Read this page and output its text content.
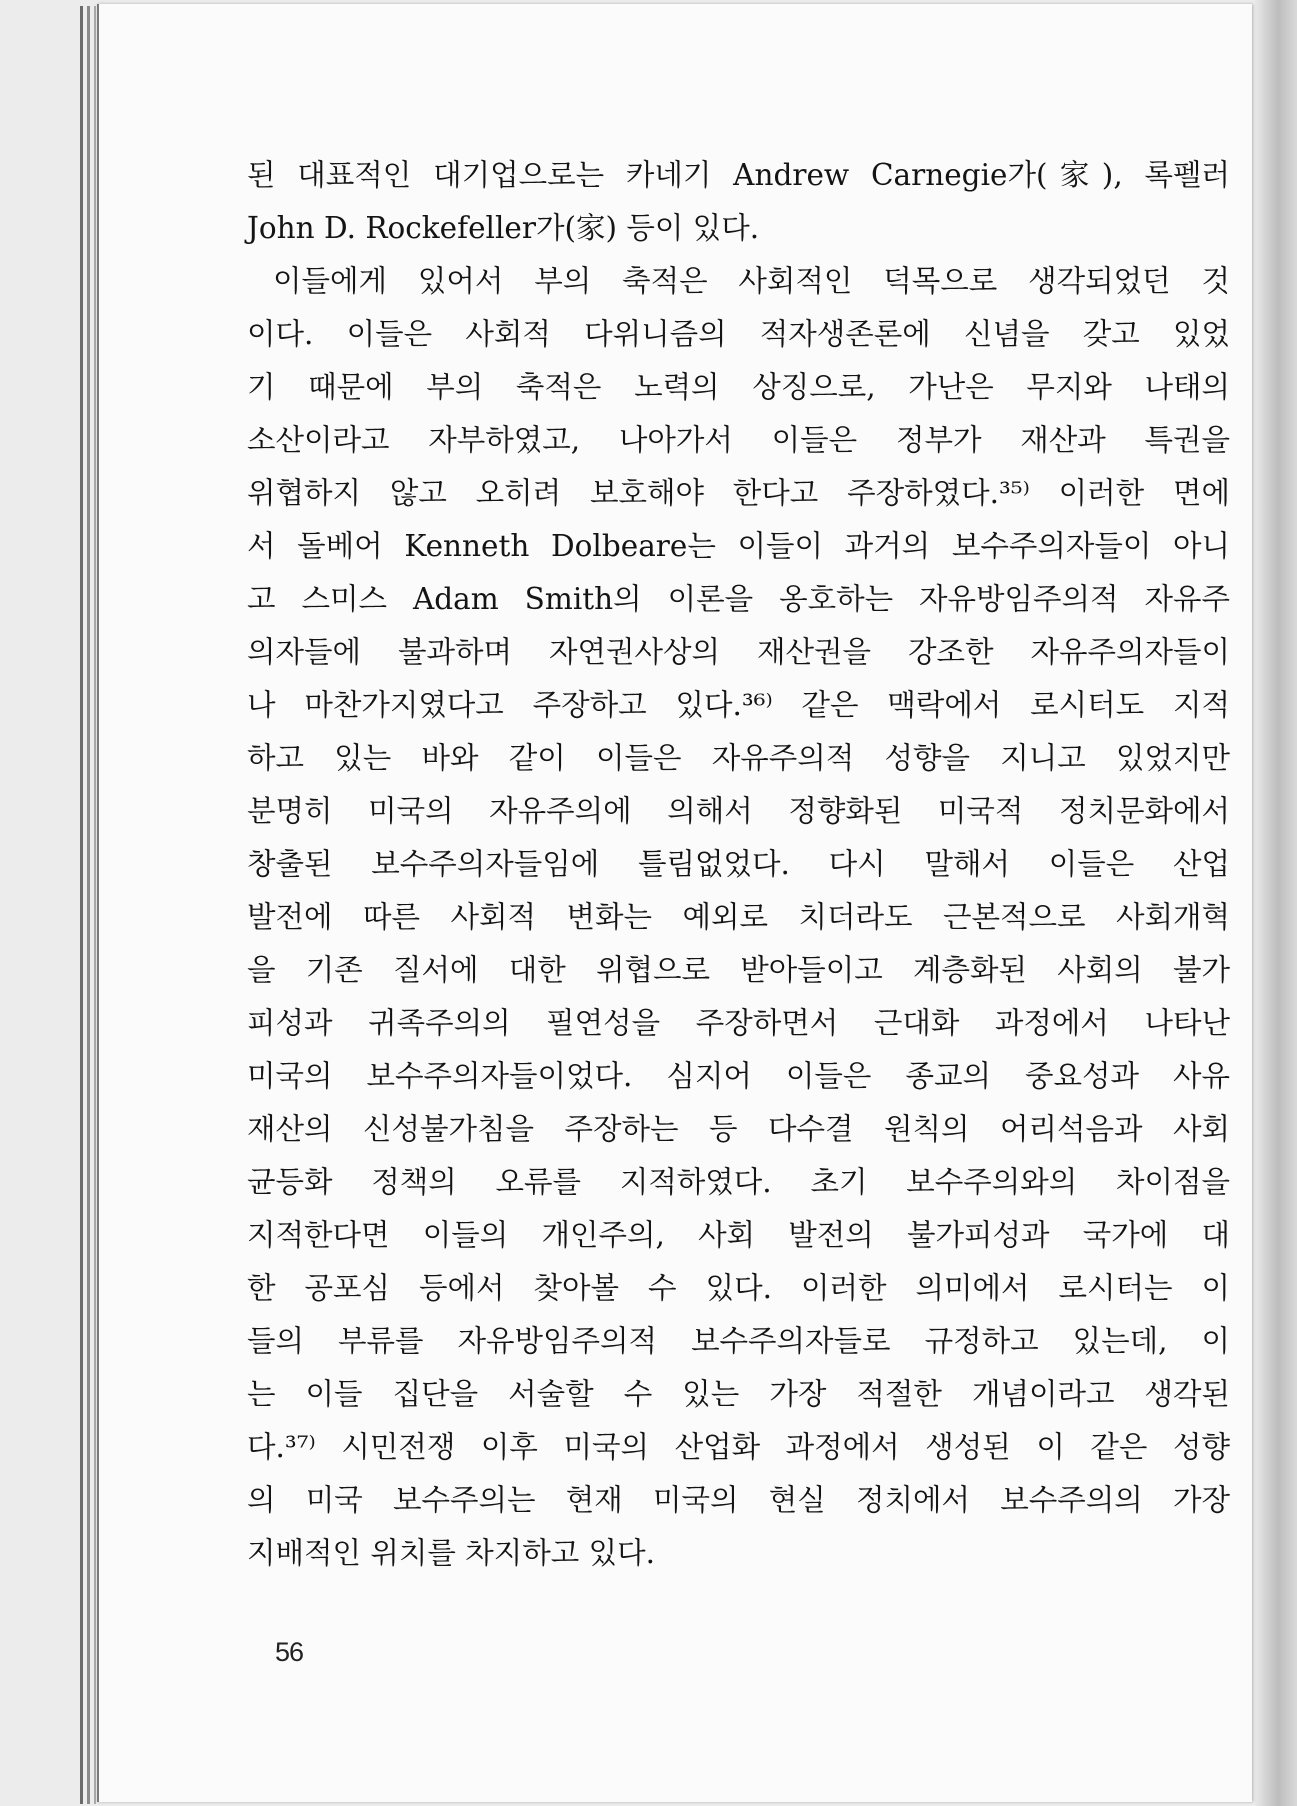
된 대표적인 대기업으로는 카네기 Andrew Carnegie가(家), 록펠러
John D. Rockefeller가(家) 등이 있다.
이들에게 있어서 부의 축적은 사회적인 덕목으로 생각되었던 것
이다. 이들은 사회적 다위니즘의 적자생존론에 신념을 갖고 있었
기 때문에 부의 축적은 노력의 상징으로, 가난은 무지와 나태의
소산이라고 자부하였고, 나아가서 이들은 정부가 재산과 특권을
위협하지 않고 오히려 보호해야 한다고 주장하였다.³⁵⁾ 이러한 면에
서 돌베어 Kenneth Dolbeare는 이들이 과거의 보수주의자들이 아니
고 스미스 Adam Smith의 이론을 옹호하는 자유방임주의적 자유주
의자들에 불과하며 자연권사상의 재산권을 강조한 자유주의자들이
나 마찬가지였다고 주장하고 있다.³⁶⁾ 같은 맥락에서 로시터도 지적
하고 있는 바와 같이 이들은 자유주의적 성향을 지니고 있었지만
분명히 미국의 자유주의에 의해서 정향화된 미국적 정치문화에서
창출된 보수주의자들임에 틀림없었다. 다시 말해서 이들은 산업
발전에 따른 사회적 변화는 예외로 치더라도 근본적으로 사회개혁
을 기존 질서에 대한 위협으로 받아들이고 계층화된 사회의 불가
피성과 귀족주의의 필연성을 주장하면서 근대화 과정에서 나타난
미국의 보수주의자들이었다. 심지어 이들은 종교의 중요성과 사유
재산의 신성불가침을 주장하는 등 다수결 원칙의 어리석음과 사회
균등화 정책의 오류를 지적하였다. 초기 보수주의와의 차이점을
지적한다면 이들의 개인주의, 사회 발전의 불가피성과 국가에 대
한 공포심 등에서 찾아볼 수 있다. 이러한 의미에서 로시터는 이
들의 부류를 자유방임주의적 보수주의자들로 규정하고 있는데, 이
는 이들 집단을 서술할 수 있는 가장 적절한 개념이라고 생각된
다.³⁷⁾ 시민전쟁 이후 미국의 산업화 과정에서 생성된 이 같은 성향
의 미국 보수주의는 현재 미국의 현실 정치에서 보수주의의 가장
지배적인 위치를 차지하고 있다.
56
